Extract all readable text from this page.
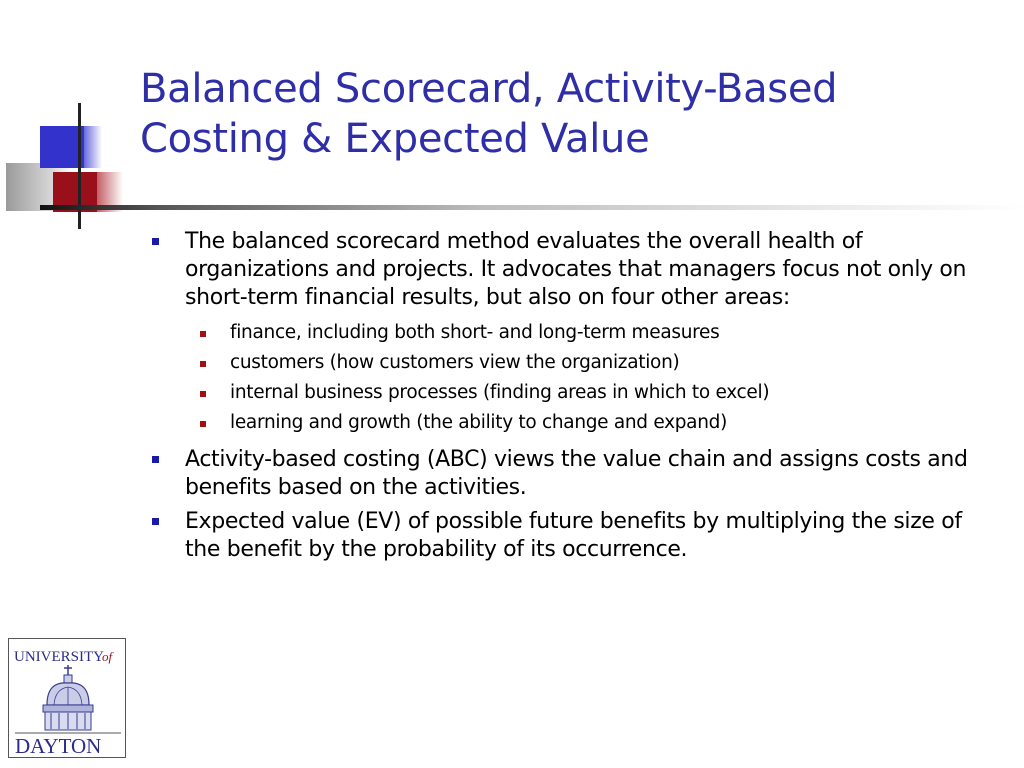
Balanced Scorecard, Activity-Based
Costing & Expected Value
The balanced scorecard method evaluates the overall health of organizations and projects. It advocates that managers focus not only on short-term financial results, but also on four other areas:
finance, including both short- and long-term measures
customers (how customers view the organization)
internal business processes (finding areas in which to excel)
learning and growth (the ability to change and expand)
Activity-based costing (ABC) views the value chain and assigns costs and benefits based on the activities.
Expected value (EV) of possible future benefits by multiplying the size of the benefit by the probability of its occurrence.
UNIVERSITY
of
DAYTON
